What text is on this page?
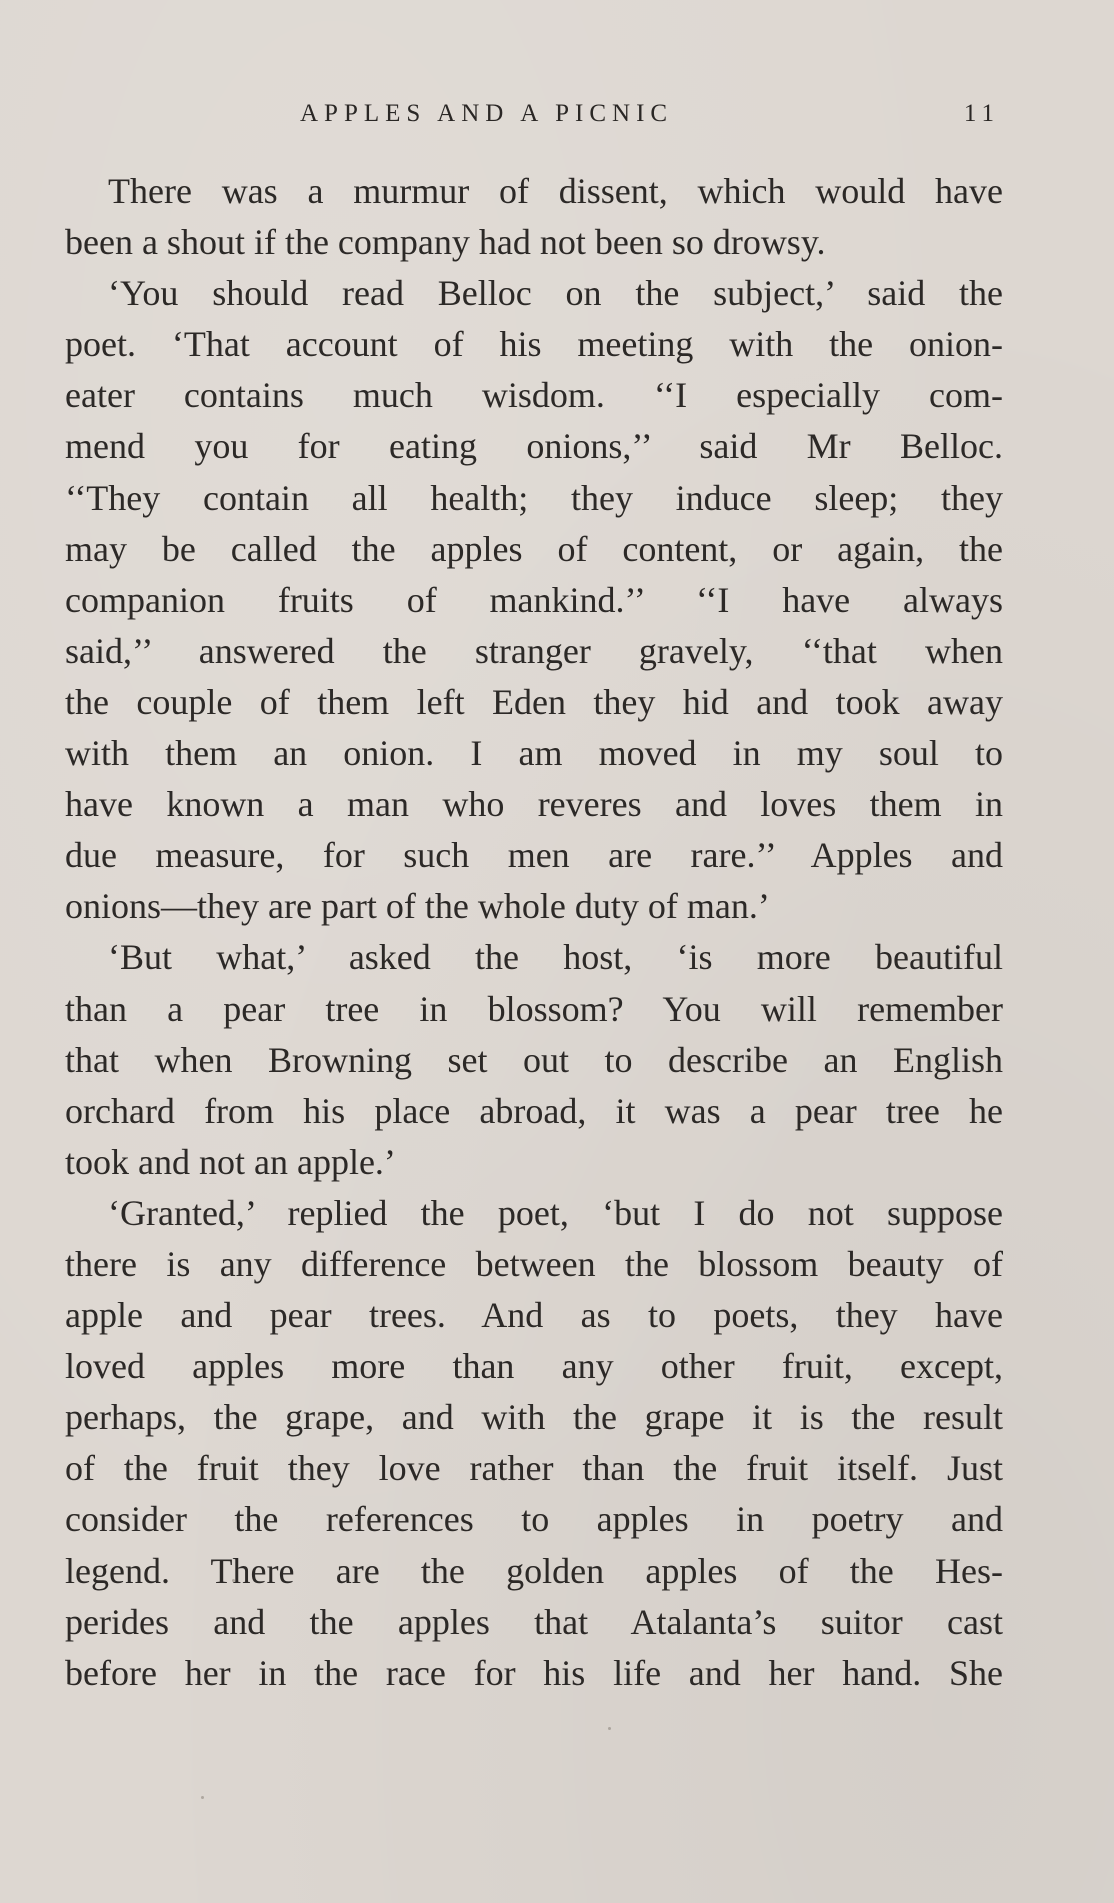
APPLES AND A PICNIC	11
There was a murmur of dissent, which would have
been a shout if the company had not been so drowsy.
‘You should read Belloc on the subject,’ said the
poet. ‘That account of his meeting with the onion-
eater contains much wisdom. ‘‘I especially com-
mend you for eating onions,’’ said Mr Belloc.
‘‘They contain all health; they induce sleep; they
may be called the apples of content, or again, the
companion fruits of mankind.’’ ‘‘I have always
said,’’ answered the stranger gravely, ‘‘that when
the couple of them left Eden they hid and took away
with them an onion. I am moved in my soul to
have known a man who reveres and loves them in
due measure, for such men are rare.’’ Apples and
onions—they are part of the whole duty of man.’
‘But what,’ asked the host, ‘is more beautiful
than a pear tree in blossom? You will remember
that when Browning set out to describe an English
orchard from his place abroad, it was a pear tree he
took and not an apple.’
‘Granted,’ replied the poet, ‘but I do not suppose
there is any difference between the blossom beauty of
apple and pear trees. And as to poets, they have
loved apples more than any other fruit, except,
perhaps, the grape, and with the grape it is the result
of the fruit they love rather than the fruit itself. Just
consider the references to apples in poetry and
legend. There are the golden apples of the Hes-
perides and the apples that Atalanta’s suitor cast
before her in the race for his life and her hand. She
